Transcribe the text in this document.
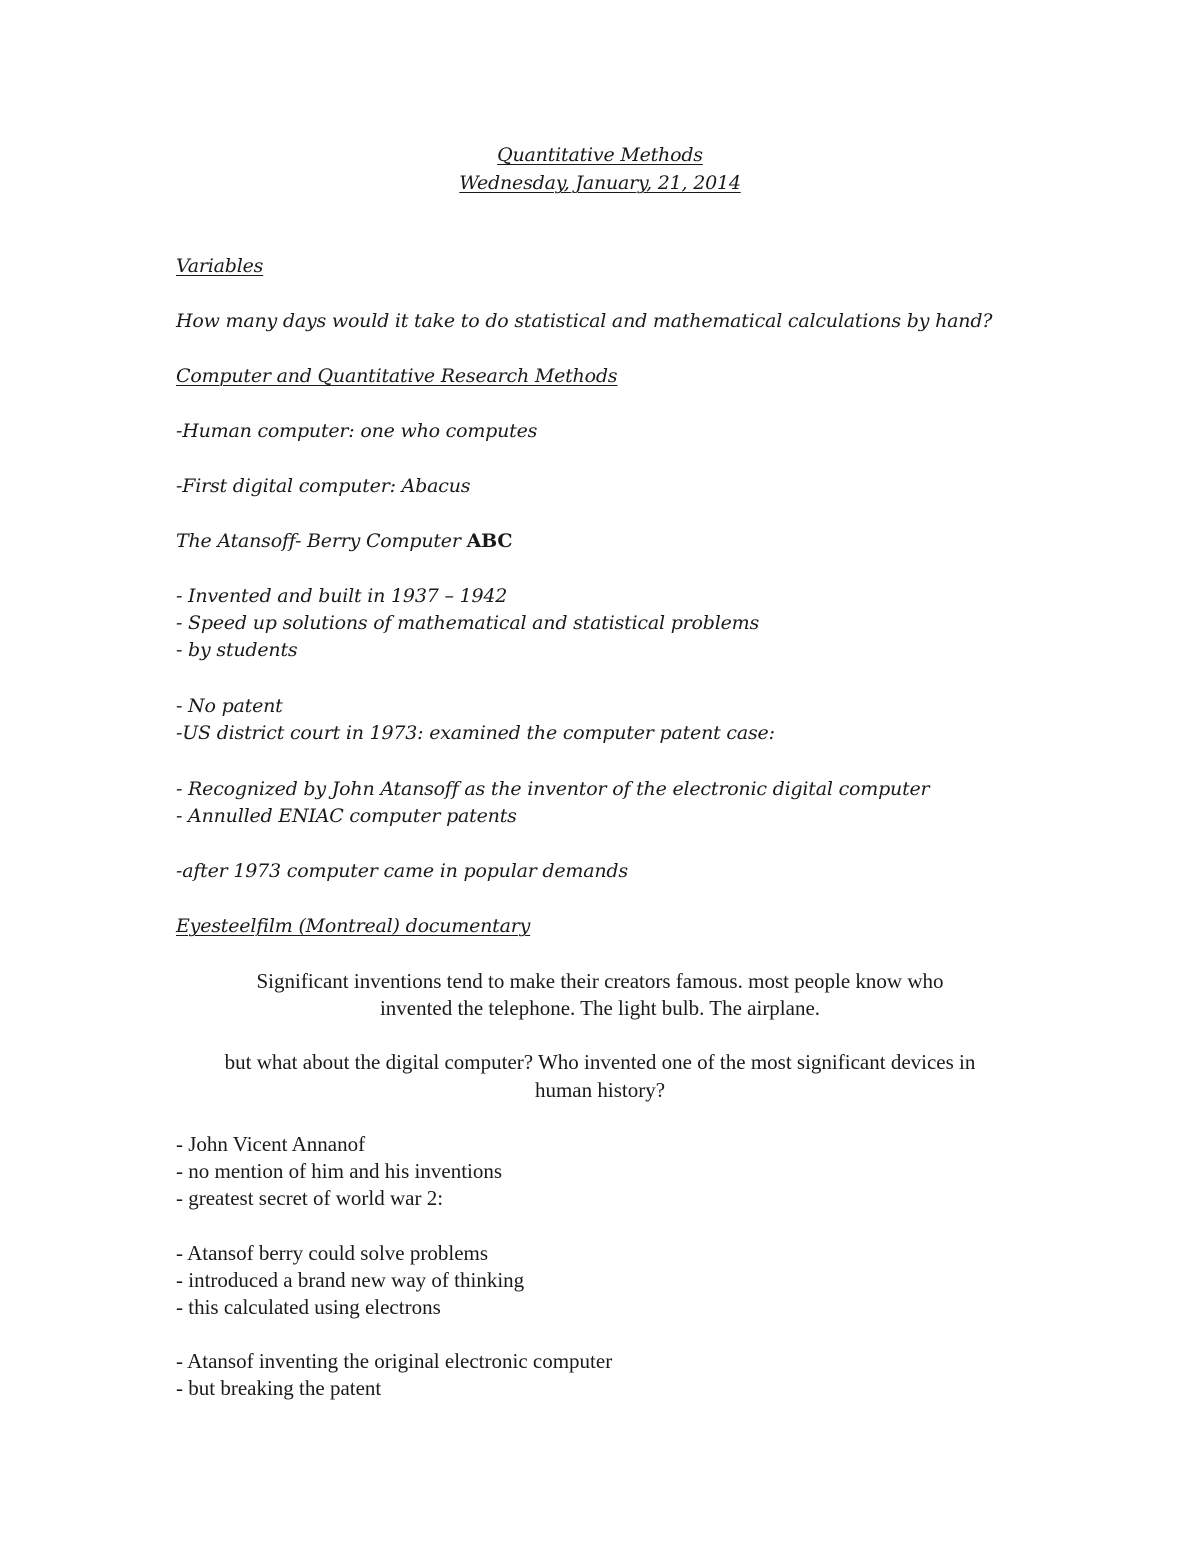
Quantitative Methods

Wednesday, January, 21, 2014

Variables

How many days would it take to do statistical and mathematical calculations by hand?

Computer and Quantitative Research Methods

-Human computer: one who computes

-First digital computer: Abacus

The Atansoff- Berry Computer ABC

- Invented and built in 1937 – 1942

- Speed up solutions of mathematical and statistical problems

- by students

- No patent

-US district court in 1973: examined the computer patent case:

- Recognized by John Atansoff as the inventor of the electronic digital computer

- Annulled ENIAC computer patents

-after 1973 computer came in popular demands

Eyesteelfilm (Montreal) documentary

Significant inventions tend to make their creators famous. most people know who

invented the telephone. The light bulb. The airplane.

but what about the digital computer? Who invented one of the most significant devices in

human history?

- John Vicent Annanof

- no mention of him and his inventions

- greatest secret of world war 2:

- Atansof berry could solve problems

- introduced a brand new way of thinking

- this calculated using electrons

- Atansof inventing the original electronic computer

- but breaking the patent
